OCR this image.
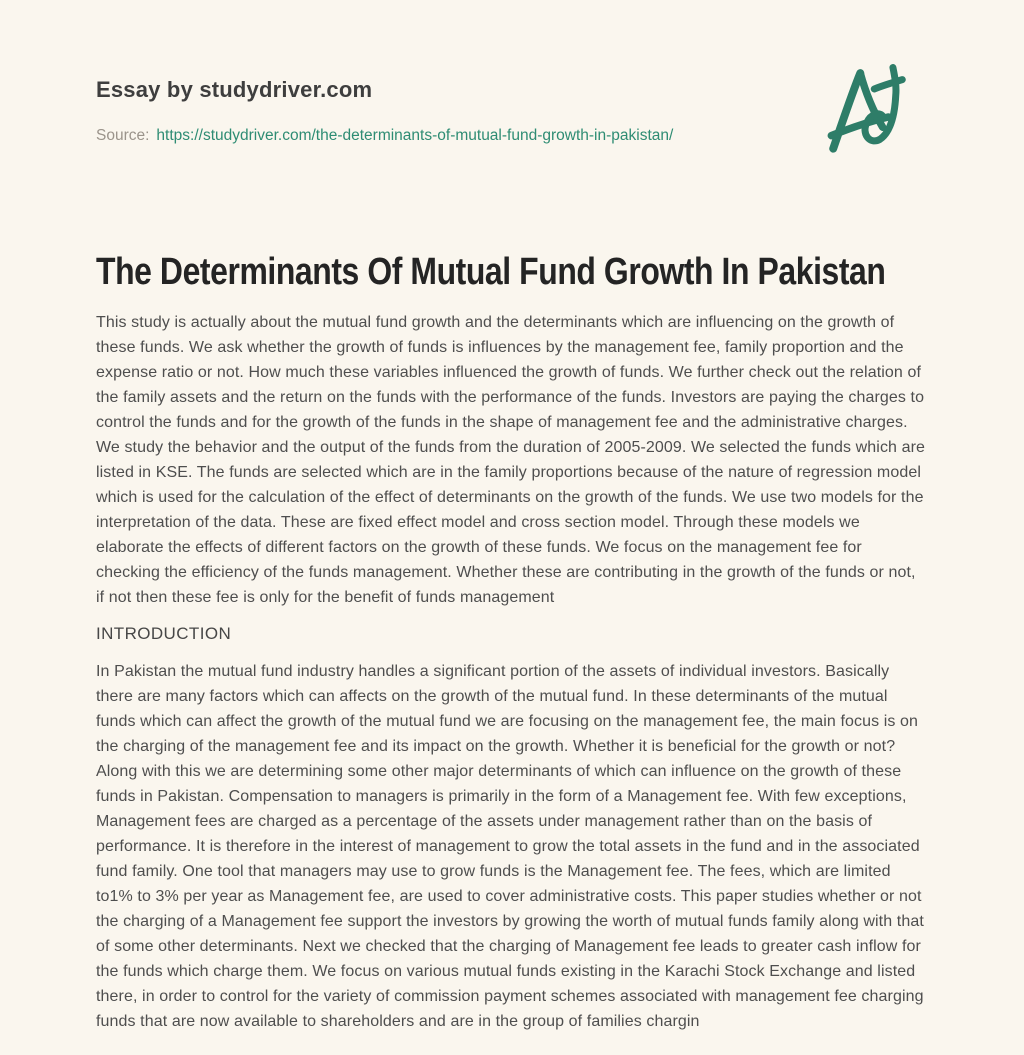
Essay by studydriver.com
Source: https://studydriver.com/the-determinants-of-mutual-fund-growth-in-pakistan/
The Determinants Of Mutual Fund Growth In Pakistan

This study is actually about the mutual fund growth and the determinants which are influencing on the growth of these funds. We ask whether the growth of funds is influences by the management fee, family proportion and the expense ratio or not. How much these variables influenced the growth of funds. We further check out the relation of the family assets and the return on the funds with the performance of the funds. Investors are paying the charges to control the funds and for the growth of the funds in the shape of management fee and the administrative charges. We study the behavior and the output of the funds from the duration of 2005-2009. We selected the funds which are listed in KSE. The funds are selected which are in the family proportions because of the nature of regression model which is used for the calculation of the effect of determinants on the growth of the funds. We use two models for the interpretation of the data. These are fixed effect model and cross section model. Through these models we elaborate the effects of different factors on the growth of these funds. We focus on the management fee for checking the efficiency of the funds management. Whether these are contributing in the growth of the funds or not, if not then these fee is only for the benefit of funds management

INTRODUCTION

In Pakistan the mutual fund industry handles a significant portion of the assets of individual investors. Basically there are many factors which can affects on the growth of the mutual fund. In these determinants of the mutual funds which can affect the growth of the mutual fund we are focusing on the management fee, the main focus is on the charging of the management fee and its impact on the growth. Whether it is beneficial for the growth or not? Along with this we are determining some other major determinants of which can influence on the growth of these funds in Pakistan. Compensation to managers is primarily in the form of a Management fee. With few exceptions, Management fees are charged as a percentage of the assets under management rather than on the basis of performance. It is therefore in the interest of management to grow the total assets in the fund and in the associated fund family. One tool that managers may use to grow funds is the Management fee. The fees, which are limited to1% to 3% per year as Management fee, are used to cover administrative costs. This paper studies whether or not the charging of a Management fee support the investors by growing the worth of mutual funds family along with that of some other determinants. Next we checked that the charging of Management fee leads to greater cash inflow for the funds which charge them. We focus on various mutual funds existing in the Karachi Stock Exchange and listed there, in order to control for the variety of commission payment schemes associated with management fee charging funds that are now available to shareholders and are in the group of families chargin
